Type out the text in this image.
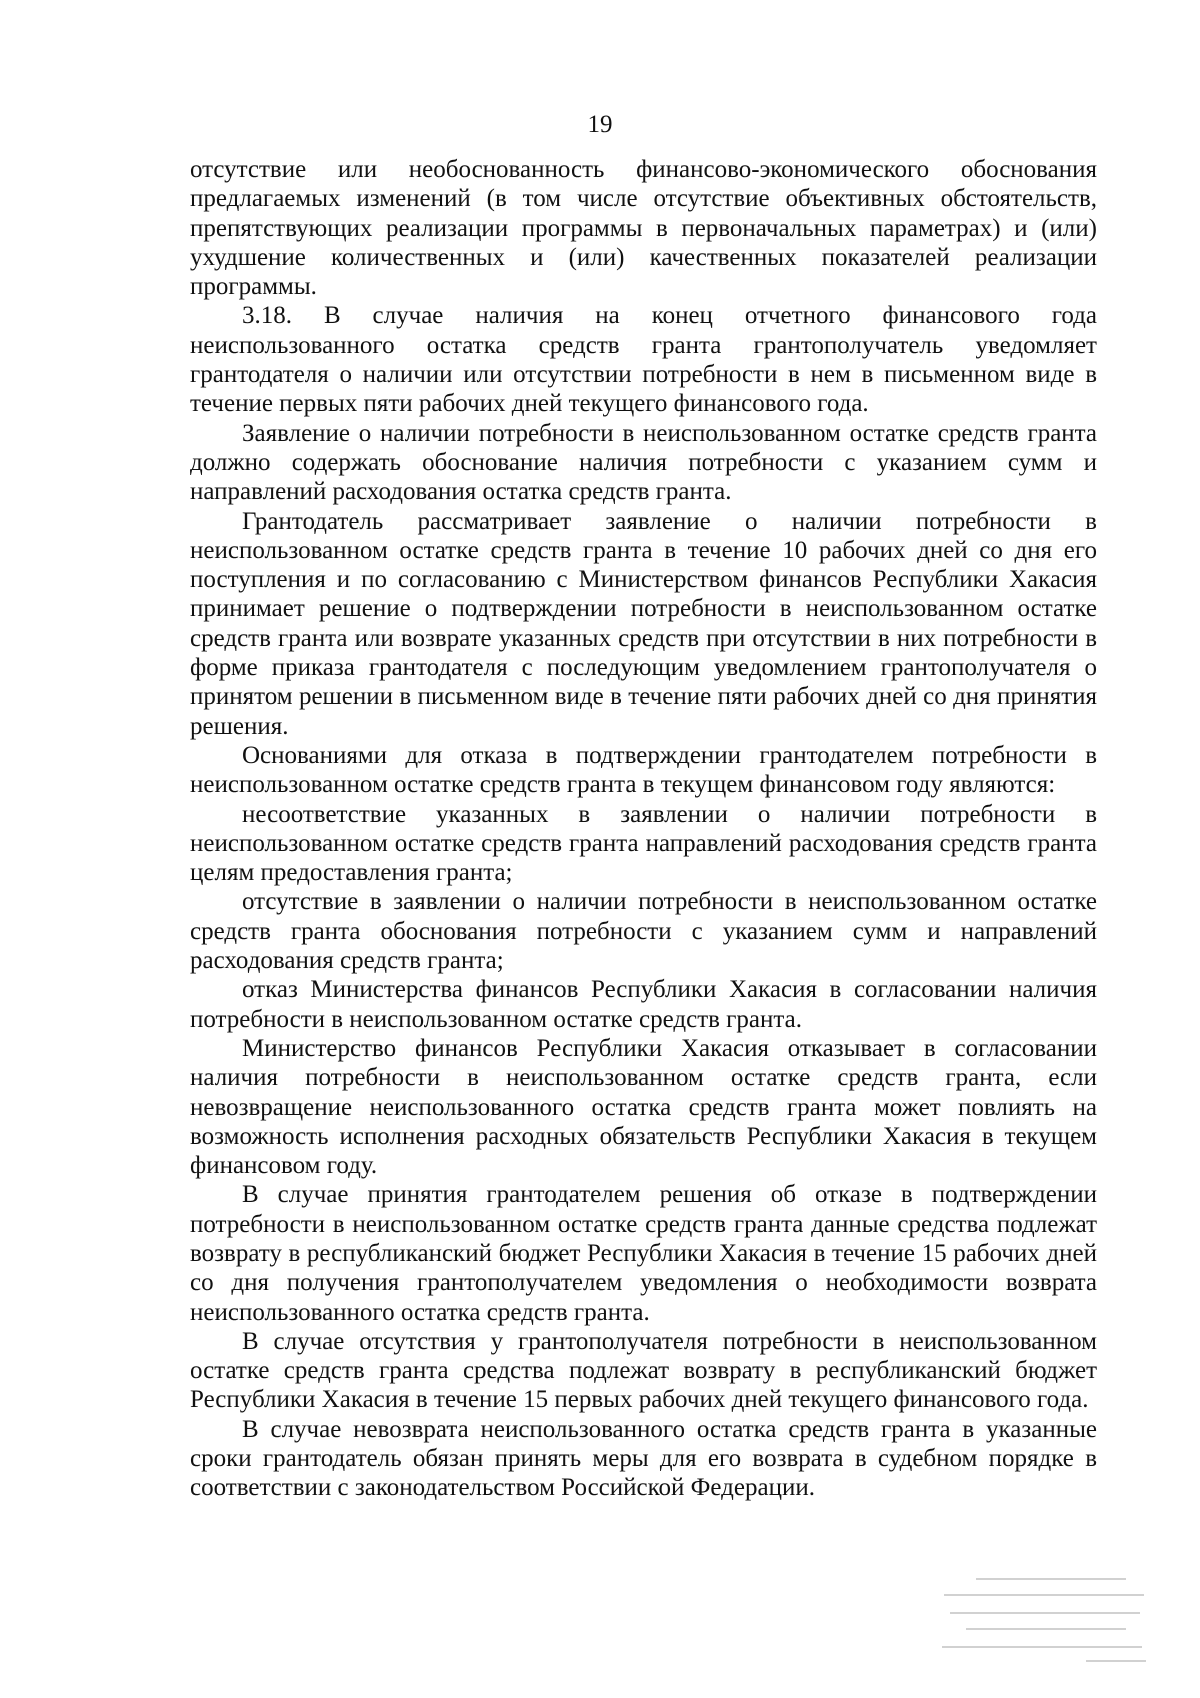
19

отсутствие или необоснованность финансово-экономического обоснования предлагаемых изменений (в том числе отсутствие объективных обстоятельств, препятствующих реализации программы в первоначальных параметрах) и (или) ухудшение количественных и (или) качественных показателей реализации программы.

3.18. В случае наличия на конец отчетного финансового года неиспользованного остатка средств гранта грантополучатель уведомляет грантодателя о наличии или отсутствии потребности в нем в письменном виде в течение первых пяти рабочих дней текущего финансового года.

Заявление о наличии потребности в неиспользованном остатке средств гранта должно содержать обоснование наличия потребности с указанием сумм и направлений расходования остатка средств гранта.

Грантодатель рассматривает заявление о наличии потребности в неиспользованном остатке средств гранта в течение 10 рабочих дней со дня его поступления и по согласованию с Министерством финансов Республики Хакасия принимает решение о подтверждении потребности в неиспользованном остатке средств гранта или возврате указанных средств при отсутствии в них потребности в форме приказа грантодателя с последующим уведомлением грантополучателя о принятом решении в письменном виде в течение пяти рабочих дней со дня принятия решения.

Основаниями для отказа в подтверждении грантодателем потребности в неиспользованном остатке средств гранта в текущем финансовом году являются:

несоответствие указанных в заявлении о наличии потребности в неиспользованном остатке средств гранта направлений расходования средств гранта целям предоставления гранта;

отсутствие в заявлении о наличии потребности в неиспользованном остатке средств гранта обоснования потребности с указанием сумм и направлений расходования средств гранта;

отказ Министерства финансов Республики Хакасия в согласовании наличия потребности в неиспользованном остатке средств гранта.

Министерство финансов Республики Хакасия отказывает в согласовании наличия потребности в неиспользованном остатке средств гранта, если невозвращение неиспользованного остатка средств гранта может повлиять на возможность исполнения расходных обязательств Республики Хакасия в текущем финансовом году.

В случае принятия грантодателем решения об отказе в подтверждении потребности в неиспользованном остатке средств гранта данные средства подлежат возврату в республиканский бюджет Республики Хакасия в течение 15 рабочих дней со дня получения грантополучателем уведомления о необходимости возврата неиспользованного остатка средств гранта.

В случае отсутствия у грантополучателя потребности в неиспользованном остатке средств гранта средства подлежат возврату в республиканский бюджет Республики Хакасия в течение 15 первых рабочих дней текущего финансового года.

В случае невозврата неиспользованного остатка средств гранта в указанные сроки грантодатель обязан принять меры для его возврата в судебном порядке в соответствии с законодательством Российской Федерации.
